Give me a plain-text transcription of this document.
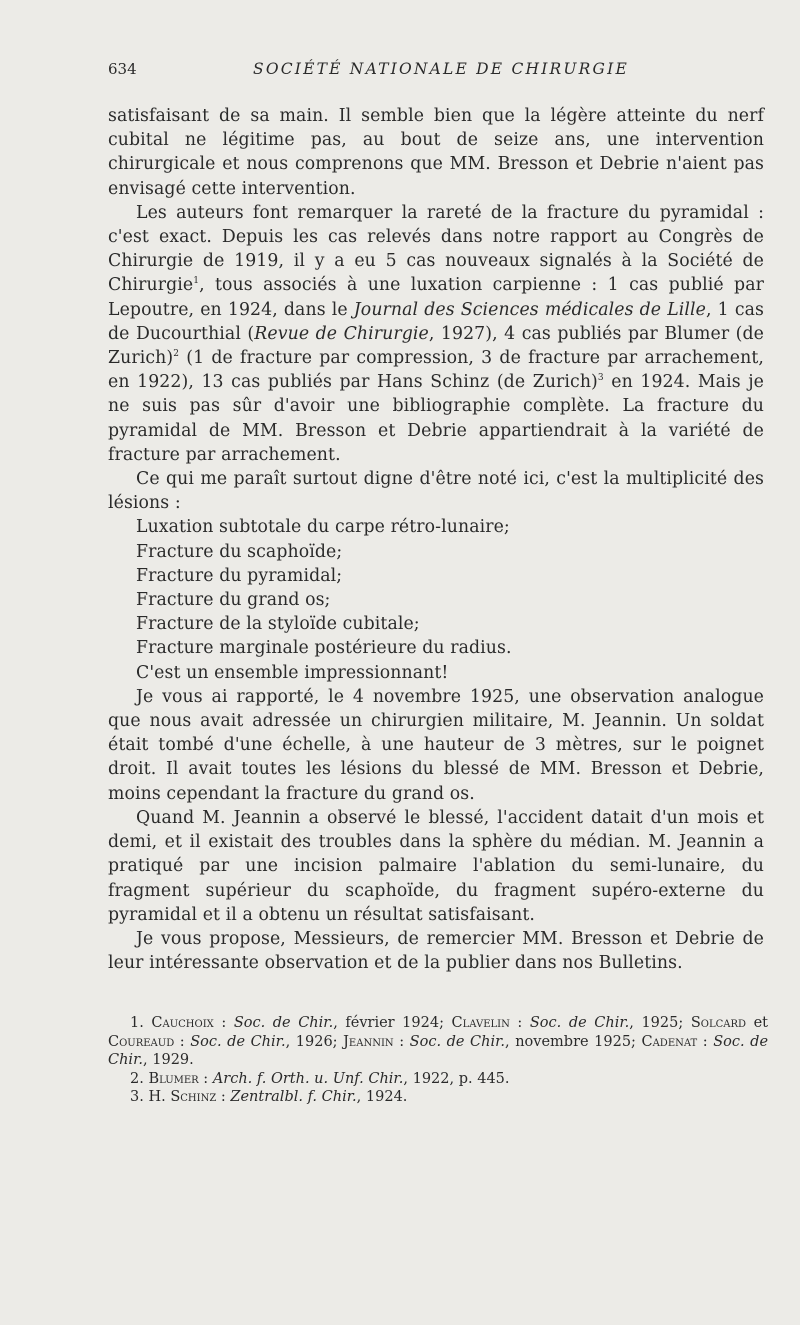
634	SOCIÉTÉ NATIONALE DE CHIRURGIE

satisfaisant de sa main. Il semble bien que la légère atteinte du nerf cubital ne légitime pas, au bout de seize ans, une intervention chirurgicale et nous comprenons que MM. Bresson et Debrie n'aient pas envisagé cette intervention.

Les auteurs font remarquer la rareté de la fracture du pyramidal : c'est exact. Depuis les cas relevés dans notre rapport au Congrès de Chirurgie de 1919, il y a eu 5 cas nouveaux signalés à la Société de Chirurgie$^1$, tous associés à une luxation carpienne : 1 cas publié par Lepoutre, en 1924, dans le Journal des Sciences médicales de Lille, 1 cas de Ducourthial (Revue de Chirurgie, 1927), 4 cas publiés par Blumer (de Zurich)$^2$ (1 de fracture par compression, 3 de fracture par arrachement, en 1922), 13 cas publiés par Hans Schinz (de Zurich)$^3$ en 1924. Mais je ne suis pas sûr d'avoir une bibliographie complète. La fracture du pyramidal de MM. Bresson et Debrie appartiendrait à la variété de fracture par arrachement.

Ce qui me paraît surtout digne d'être noté ici, c'est la multiplicité des lésions :

Luxation subtotale du carpe rétro-lunaire;
Fracture du scaphoïde;
Fracture du pyramidal;
Fracture du grand os;
Fracture de la styloïde cubitale;
Fracture marginale postérieure du radius.
C'est un ensemble impressionnant!

Je vous ai rapporté, le 4 novembre 1925, une observation analogue que nous avait adressée un chirurgien militaire, M. Jeannin. Un soldat était tombé d'une échelle, à une hauteur de 3 mètres, sur le poignet droit. Il avait toutes les lésions du blessé de MM. Bresson et Debrie, moins cependant la fracture du grand os.

Quand M. Jeannin a observé le blessé, l'accident datait d'un mois et demi, et il existait des troubles dans la sphère du médian. M. Jeannin a pratiqué par une incision palmaire l'ablation du semi-lunaire, du fragment supérieur du scaphoïde, du fragment supéro-externe du pyramidal et il a obtenu un résultat satisfaisant.

Je vous propose, Messieurs, de remercier MM. Bresson et Debrie de leur intéressante observation et de la publier dans nos Bulletins.

1. Cauchoix : Soc. de Chir., février 1924; Clavelin : Soc. de Chir., 1925; Solcard et Coureaud : Soc. de Chir., 1926; Jeannin : Soc. de Chir., novembre 1925; Cadenat : Soc. de Chir., 1929.

2. Blumer : Arch. f. Orth. u. Unf. Chir., 1922, p. 445.

3. H. Schinz : Zentralbl. f. Chir., 1924.
